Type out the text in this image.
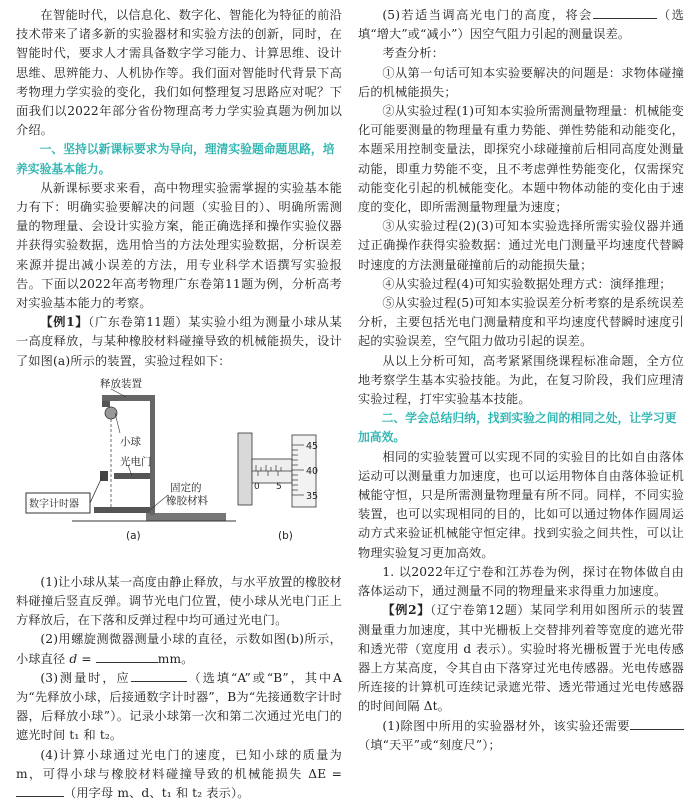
在智能时代，以信息化、数字化、智能化为特征的前沿技术带来了诸多新的实验器材和实验方法的创新，同时，在智能时代，要求人才需具备数字学习能力、计算思维、设计思维、思辨能力、人机协作等。我们面对智能时代背景下高考物理力学实验的变化，我们如何整理复习思路应对呢？下面我们以2022年部分省份物理高考力学实验真题为例加以介绍。

一、坚持以新课标要求为导向，理清实验题命题思路，培养实验基本能力。

从新课标要求来看，高中物理实验需掌握的实验基本能力有下：明确实验要解决的问题（实验目的）、明确所需测量的物理量、会设计实验方案，能正确选择和操作实验仪器并获得实验数据，选用恰当的方法处理实验数据，分析误差来源并提出减小误差的方法，用专业科学术语撰写实验报告。下面以2022年高考物理广东卷第11题为例，分析高考对实验基本能力的考察。

【例1】（广东卷第11题）某实验小组为测量小球从某一高度释放，与某种橡胶材料碰撞导致的机械能损失，设计了如图(a)所示的装置，实验过程如下：

释放装置
小球
光电门
固定的
橡胶材料
数字计时器
(a)
45
40
35
0 5
(b)

(1)让小球从某一高度由静止释放，与水平放置的橡胶材料碰撞后竖直反弹。调节光电门位置，使小球从光电门正上方释放后，在下落和反弹过程中均可通过光电门。

(2)用螺旋测微器测量小球的直径，示数如图(b)所示，小球直径 d =	mm。

(3)测量时，应	（选填“A”或“B”，其中A为“先释放小球，后接通数字计时器”，B为“先接通数字计时器，后释放小球”）。记录小球第一次和第二次通过光电门的遮光时间 t₁ 和 t₂。

(4)计算小球通过光电门的速度，已知小球的质量为 m，可得小球与橡胶材料碰撞导致的机械能损失 ΔE = （用字母 m、d、t₁ 和 t₂ 表示）。

(5)若适当调高光电门的高度，将会	（选填“增大”或“减小”）因空气阻力引起的测量误差。

考查分析：

①从第一句话可知本实验要解决的问题是：求物体碰撞后的机械能损失；

②从实验过程(1)可知本实验所需测量物理量：机械能变化可能要测量的物理量有重力势能、弹性势能和动能变化，本题采用控制变量法，即探究小球碰撞前后相同高度处测量动能，即重力势能不变，且不考虑弹性势能变化，仅需探究动能变化引起的机械能变化。本题中物体动能的变化由于速度的变化，即所需测量物理量为速度；

③从实验过程(2)(3)可知本实验选择所需实验仪器并通过正确操作获得实验数据：通过光电门测量平均速度代替瞬时速度的方法测量碰撞前后的动能损失量；

④从实验过程(4)可知实验数据处理方式：演绎推理；

⑤从实验过程(5)可知本实验误差分析考察的是系统误差分析，主要包括光电门测量精度和平均速度代替瞬时速度引起的实验误差，空气阻力做功引起的误差。

从以上分析可知，高考紧紧围绕课程标准命题，全方位地考察学生基本实验技能。为此，在复习阶段，我们应理清实验过程，打牢实验基本技能。

二、学会总结归纳，找到实验之间的相同之处，让学习更加高效。

相同的实验装置可以实现不同的实验目的比如自由落体运动可以测量重力加速度，也可以运用物体自由落体验证机械能守恒，只是所需测量物理量有所不同。同样，不同实验装置，也可以实现相同的目的，比如可以通过物体作圆周运动方式来验证机械能守恒定律。找到实验之间共性，可以让物理实验复习更加高效。

1. 以2022年辽宁卷和江苏卷为例，探讨在物体做自由落体运动下，通过测量不同的物理量来求得重力加速度。

【例2】（辽宁卷第12题）某同学利用如图所示的装置测量重力加速度，其中光栅板上交替排列着等宽度的遮光带和透光带（宽度用 d 表示）。实验时将光栅板置于光电传感器上方某高度，令其自由下落穿过光电传感器。光电传感器所连接的计算机可连续记录遮光带、透光带通过光电传感器的时间间隔 Δt。

(1)除图中所用的实验器材外，该实验还需要（填“天平”或“刻度尺”）；
